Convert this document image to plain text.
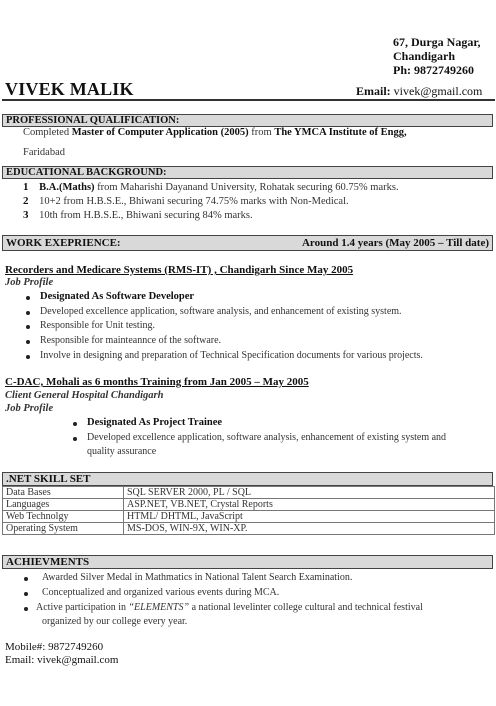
67, Durga Nagar,
Chandigarh
Ph: 9872749260
VIVEK MALIK	Email: vivek@gmail.com
PROFESSIONAL QUALIFICATION:
Completed Master of Computer Application (2005) from The YMCA Institute of Engg,
Faridabad
EDUCATIONAL BACKGROUND:
1 B.A.(Maths) from Maharishi Dayanand University, Rohatak securing 60.75% marks.
2 10+2 from H.B.S.E., Bhiwani securing 74.75% marks with Non-Medical.
3 10th from H.B.S.E., Bhiwani securing 84% marks.
WORK EXEPRIENCE:	Around 1.4 years (May 2005 – Till date)
Recorders and Medicare Systems (RMS-IT) , Chandigarh Since May 2005
Job Profile
Designated As Software Developer
Developed excellence application, software analysis, and enhancement of existing system.
Responsible for Unit testing.
Responsible for mainteannce of the software.
Involve in designing and preparation of Technical Specification documents for various projects.
C-DAC, Mohali as 6 months Training from Jan 2005 – May 2005
Client General Hospital Chandigarh
Job Profile
Designated As Project Trainee
Developed excellence application, software analysis, enhancement of existing system and
quality assurance
.NET SKILL SET
Data Bases	SQL SERVER 2000, PL / SQL
Languages	ASP.NET, VB.NET, Crystal Reports
Web Technolgy	HTML/ DHTML, JavaScript
Operating System	MS-DOS, WIN-9X, WIN-XP.
ACHIEVMENTS
Awarded Silver Medal in Mathmatics in National Talent Search Examination.
Conceptualized and organized various events during MCA.
Active participation in “ELEMENTS” a national levelinter college cultural and technical festival
organized by our college every year.
Mobile#: 9872749260
Email: vivek@gmail.com
